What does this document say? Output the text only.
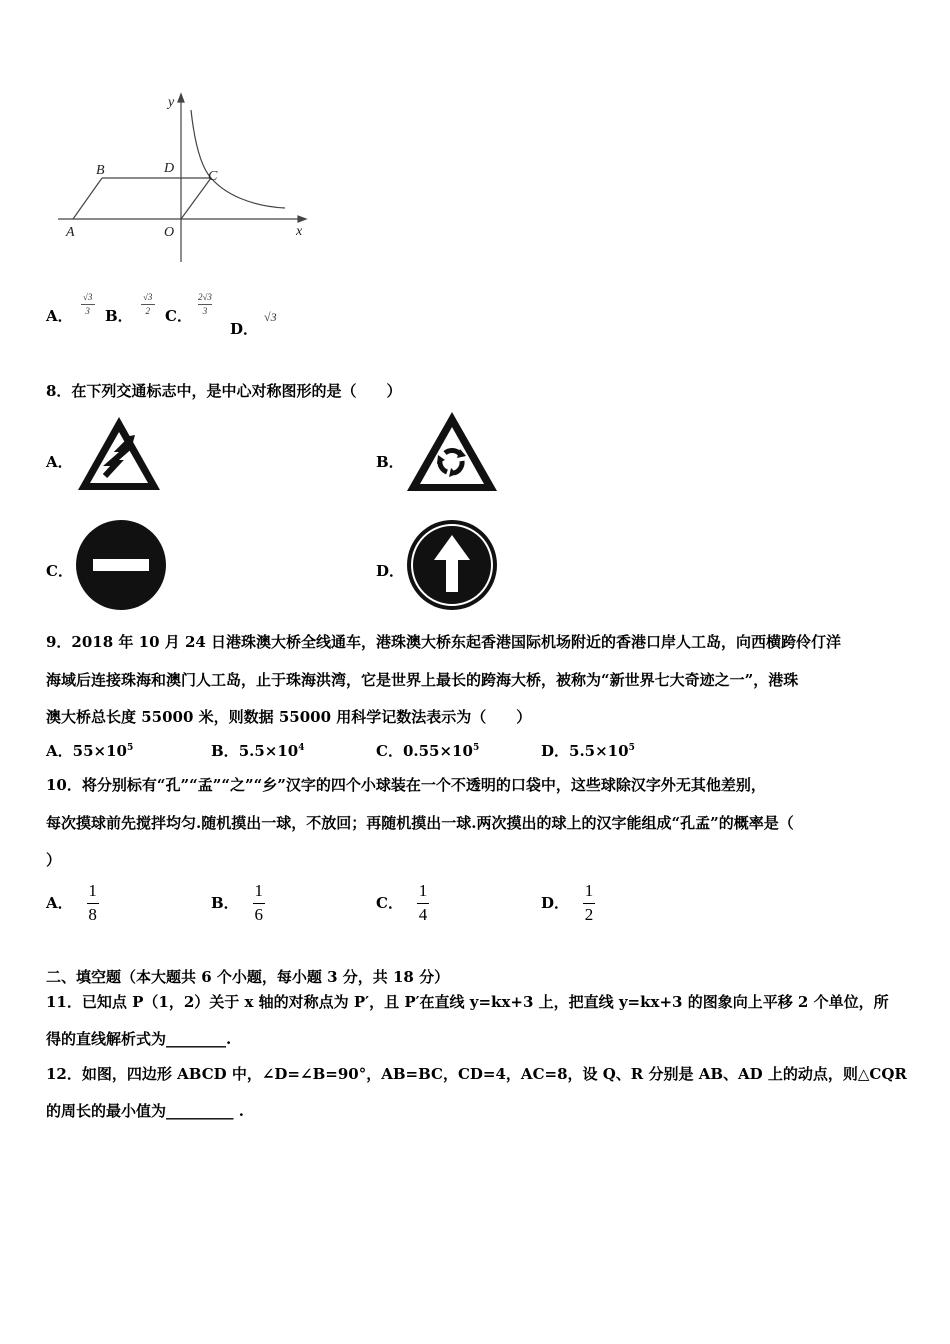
y
x
B	D
C
A	O
A． $\frac{√3}{3}$ B． $\frac{√3}{2}$ C． $\frac{2√3}{3}$
D．
√3
8．在下列交通标志中，是中心对称图形的是（　　）
A．	B．
C．	D．
9．2018 年 10 月 24 日港珠澳大桥全线通车，港珠澳大桥东起香港国际机场附近的香港口岸人工岛，向西横跨伶仃洋
海域后连接珠海和澳门人工岛，止于珠海洪湾，它是世界上最长的跨海大桥，被称为“新世界七大奇迹之一”，港珠
澳大桥总长度 55000 米，则数据 55000 用科学记数法表示为（　　）
A．$55\times 10^5$	B．$5.5\times 10^4$	C．$0.55\times 10^5$	D．$5.5\times 10^5$
10．将分别标有“孔”“孟”“之”“乡”汉字的四个小球装在一个不透明的口袋中，这些球除汉字外无其他差别，
每次摸球前先搅拌均匀.随机摸出一球，不放回；再随机摸出一球.两次摸出的球上的汉字能组成“孔孟”的概率是（
）
A． $\frac{1}{8}$	B． $\frac{1}{6}$	C． $\frac{1}{4}$	D． $\frac{1}{2}$
二、填空题（本大题共 6 个小题，每小题 3 分，共 18 分）
11．已知点 P（1，2）关于 x 轴的对称点为 P′，且 P′在直线 y=kx+3 上，把直线 y=kx+3 的图象向上平移 2 个单位，所
得的直线解析式为________.
12．如图，四边形 ABCD 中，∠D=∠B=90°，AB=BC，CD=4，AC=8，设 Q、R 分别是 AB、AD 上的动点，则△CQR
的周长的最小值为_________ .
